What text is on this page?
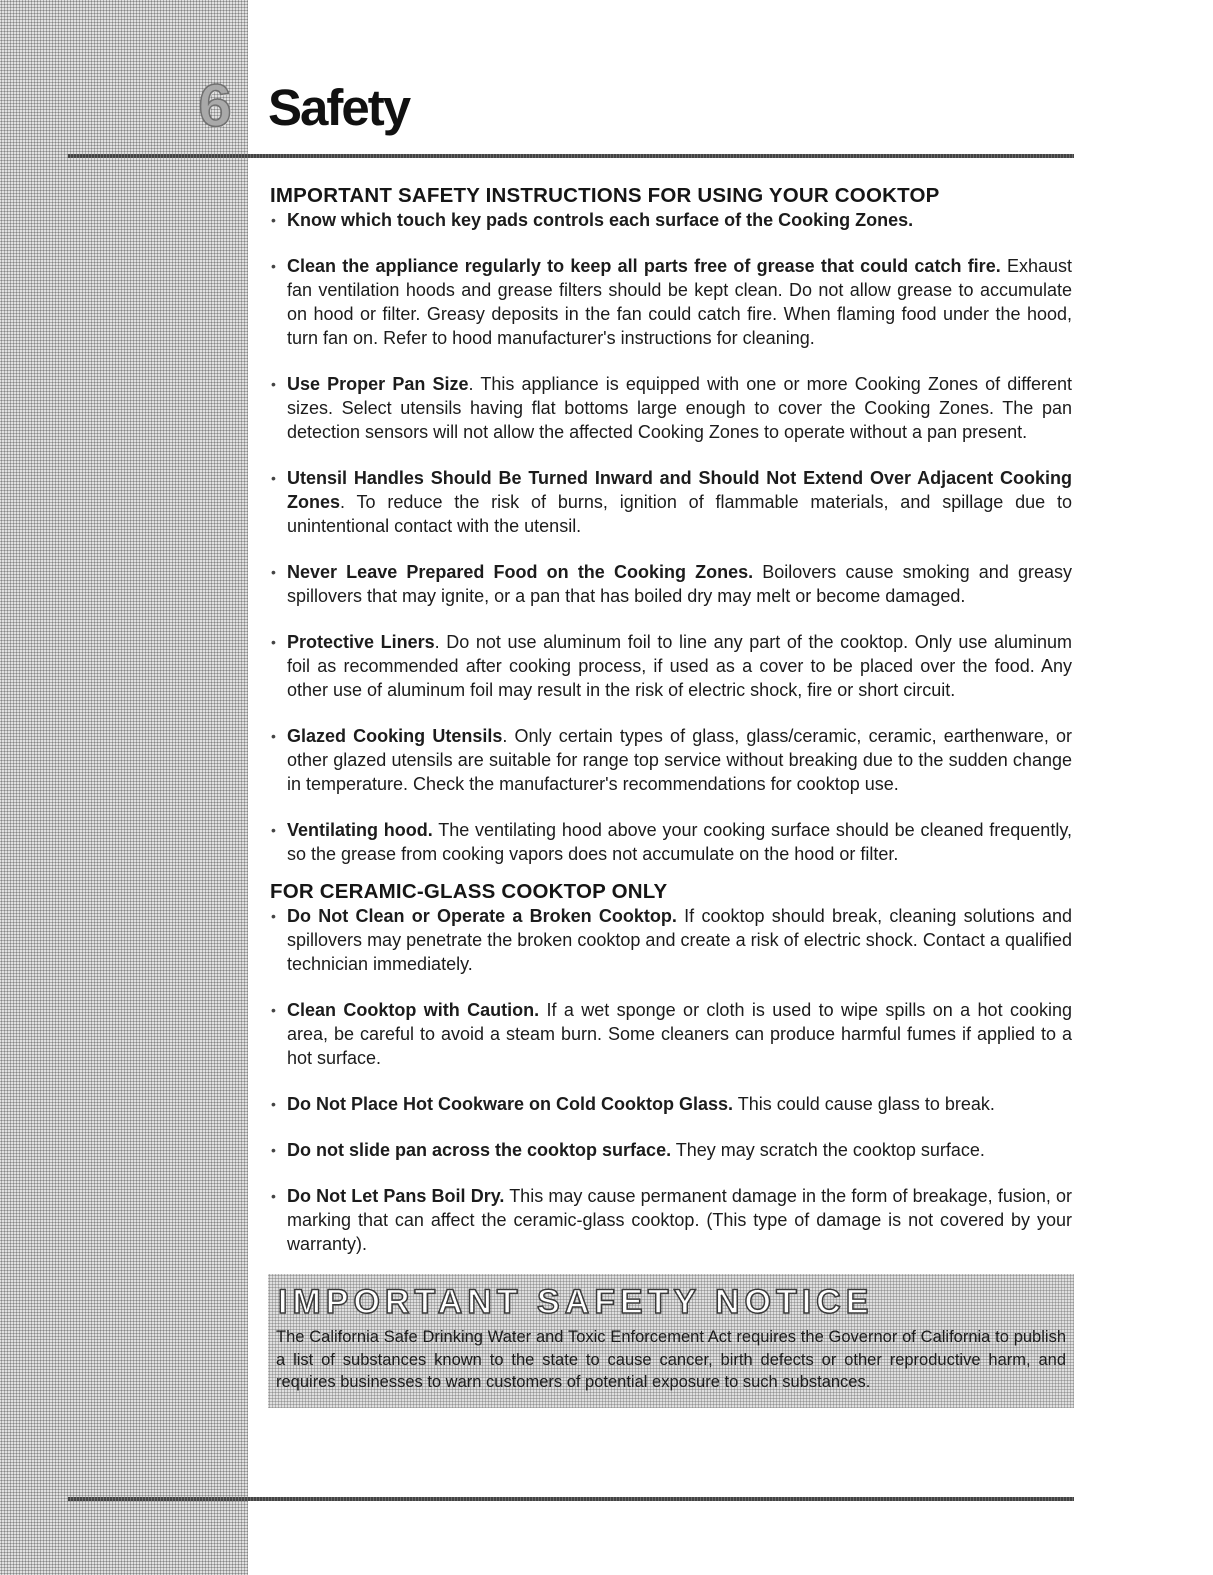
6 Safety
IMPORTANT SAFETY INSTRUCTIONS FOR USING YOUR COOKTOP
• Know which touch key pads controls each surface of the Cooking Zones.
• Clean the appliance regularly to keep all parts free of grease that could catch fire. Exhaust fan ventilation hoods and grease filters should be kept clean. Do not allow grease to accumulate on hood or filter. Greasy deposits in the fan could catch fire. When flaming food under the hood, turn fan on. Refer to hood manufacturer's instructions for cleaning.
• Use Proper Pan Size. This appliance is equipped with one or more Cooking Zones of different sizes. Select utensils having flat bottoms large enough to cover the Cooking Zones. The pan detection sensors will not allow the affected Cooking Zones to operate without a pan present.
• Utensil Handles Should Be Turned Inward and Should Not Extend Over Adjacent Cooking Zones. To reduce the risk of burns, ignition of flammable materials, and spillage due to unintentional contact with the utensil.
• Never Leave Prepared Food on the Cooking Zones. Boilovers cause smoking and greasy spillovers that may ignite, or a pan that has boiled dry may melt or become damaged.
• Protective Liners. Do not use aluminum foil to line any part of the cooktop. Only use aluminum foil as recommended after cooking process, if used as a cover to be placed over the food. Any other use of aluminum foil may result in the risk of electric shock, fire or short circuit.
• Glazed Cooking Utensils. Only certain types of glass, glass/ceramic, ceramic, earthenware, or other glazed utensils are suitable for range top service without breaking due to the sudden change in temperature. Check the manufacturer's recommendations for cooktop use.
• Ventilating hood. The ventilating hood above your cooking surface should be cleaned frequently, so the grease from cooking vapors does not accumulate on the hood or filter.
FOR CERAMIC-GLASS COOKTOP ONLY
• Do Not Clean or Operate a Broken Cooktop. If cooktop should break, cleaning solutions and spillovers may penetrate the broken cooktop and create a risk of electric shock. Contact a qualified technician immediately.
• Clean Cooktop with Caution. If a wet sponge or cloth is used to wipe spills on a hot cooking area, be careful to avoid a steam burn. Some cleaners can produce harmful fumes if applied to a hot surface.
• Do Not Place Hot Cookware on Cold Cooktop Glass. This could cause glass to break.
• Do not slide pan across the cooktop surface. They may scratch the cooktop surface.
• Do Not Let Pans Boil Dry. This may cause permanent damage in the form of breakage, fusion, or marking that can affect the ceramic-glass cooktop. (This type of damage is not covered by your warranty).
IMPORTANT SAFETY NOTICE

The California Safe Drinking Water and Toxic Enforcement Act requires the Governor of California to publish a list of substances known to the state to cause cancer, birth defects or other reproductive harm, and requires businesses to warn customers of potential exposure to such substances.
